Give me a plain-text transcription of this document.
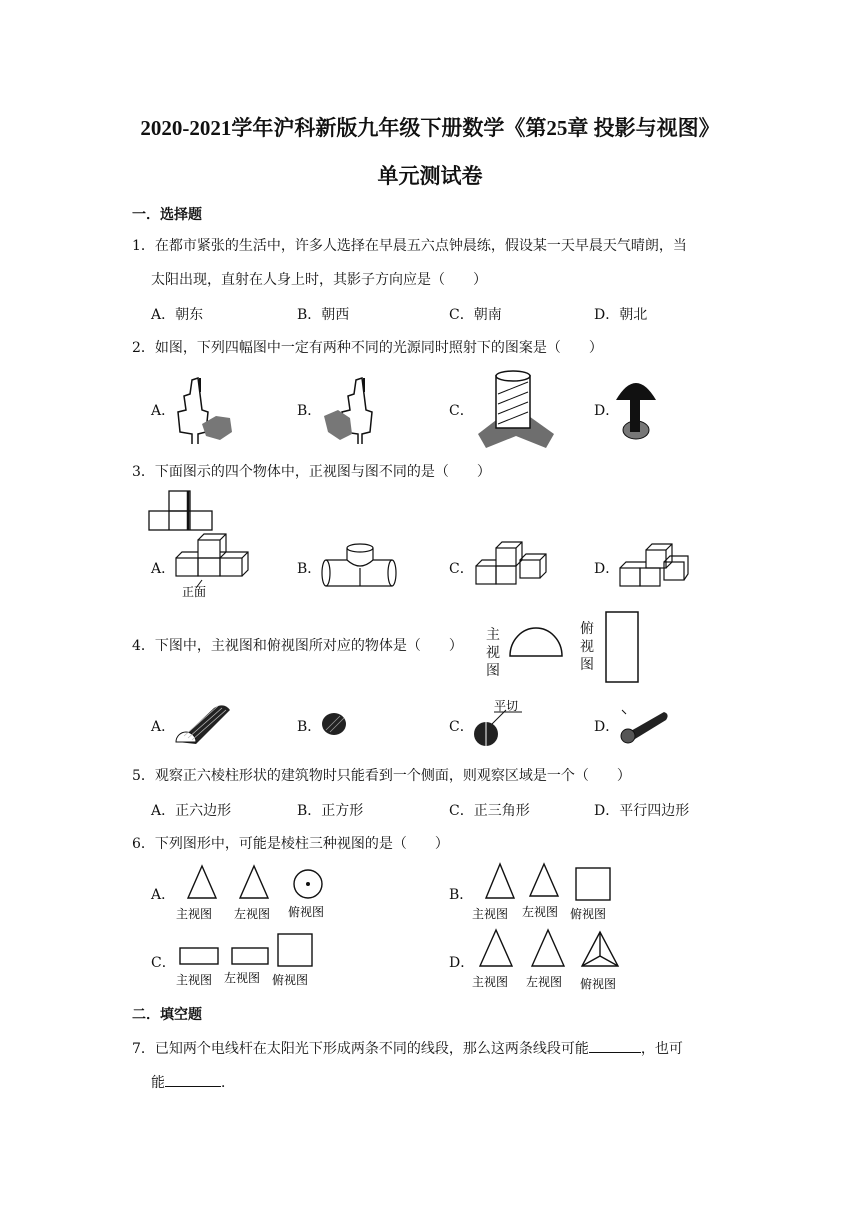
2020-2021学年沪科新版九年级下册数学《第25章 投影与视图》
单元测试卷
一．选择题
1．在都市紧张的生活中，许多人选择在早晨五六点钟晨练，假设某一天早晨天气晴朗，当
太阳出现，直射在人身上时，其影子方向应是（　　）
A．朝东	B．朝西	C．朝南	D．朝北
2．如图，下列四幅图中一定有两种不同的光源同时照射下的图案是（　　）
A．	B．	C．	D．
3．下面图示的四个物体中，正视图与图不同的是（　　）
A．	B．	C．	D．
正面
4．下图中，主视图和俯视图所对应的物体是（　　）
主
视
图
俯
视
图
A．	B．	C．	D．
平切
5．观察正六棱柱形状的建筑物时只能看到一个侧面，则观察区域是一个（　　）
A．正六边形	B．正方形	C．正三角形	D．平行四边形
6．下列图形中，可能是棱柱三种视图的是（　　）
A．	B．
C．	D．
主视图 左视图 俯视图	主视图 左视图 俯视图
主视图 左视图 俯视图	主视图 左视图 俯视图
二．填空题
7．已知两个电线杆在太阳光下形成两条不同的线段，那么这两条线段可能	，也可
能	．
